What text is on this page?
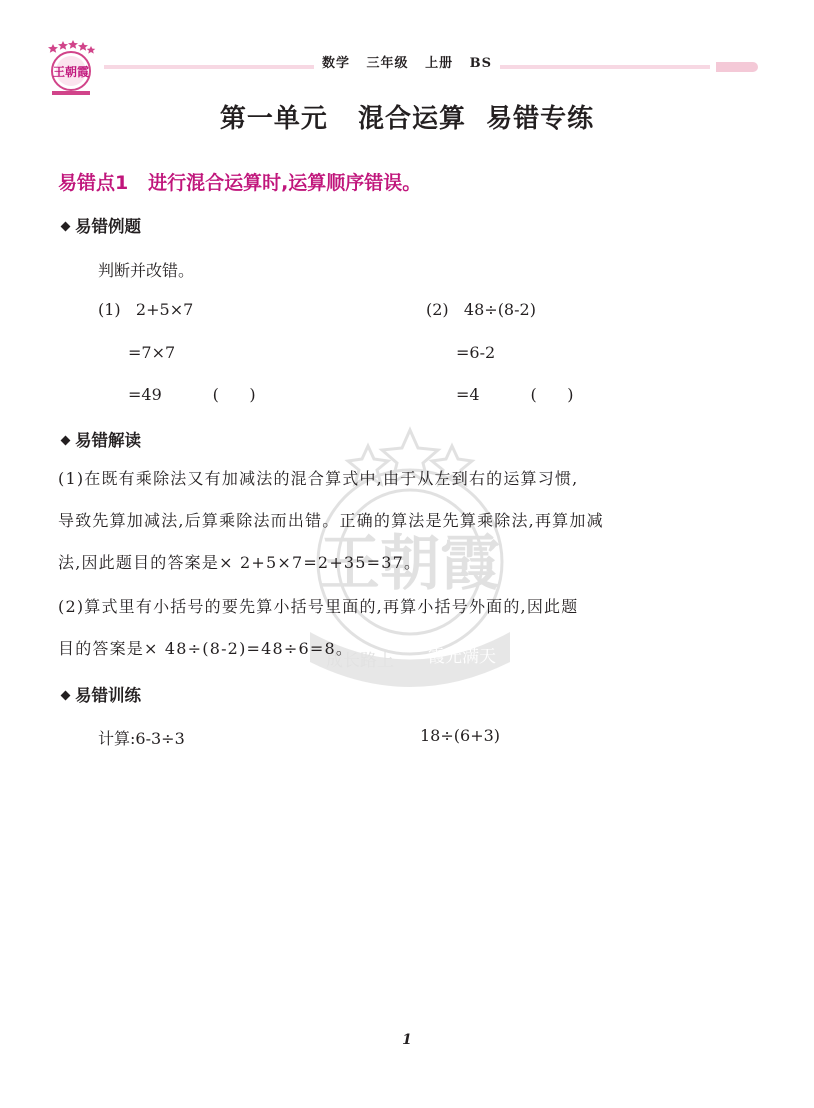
王朝霞
数学   三年级   上册   BS
王朝霞
成长路上 霞光满天
第一单元   混合运算  易错专练
易错点1   进行混合运算时,运算顺序错误。
易错例题
判断并改错。
(1)   2+5×7
=7×7
=49          (      )
(2)   48÷(8-2)
=6-2
=4          (      )
易错解读
(1)在既有乘除法又有加减法的混合算式中,由于从左到右的运算习惯,
导致先算加减法,后算乘除法而出错。正确的算法是先算乘除法,再算加减
法,因此题目的答案是× 2+5×7=2+35=37。
(2)算式里有小括号的要先算小括号里面的,再算小括号外面的,因此题
目的答案是× 48÷(8-2)=48÷6=8。
易错训练
计算:6-3÷3	18÷(6+3)
1
